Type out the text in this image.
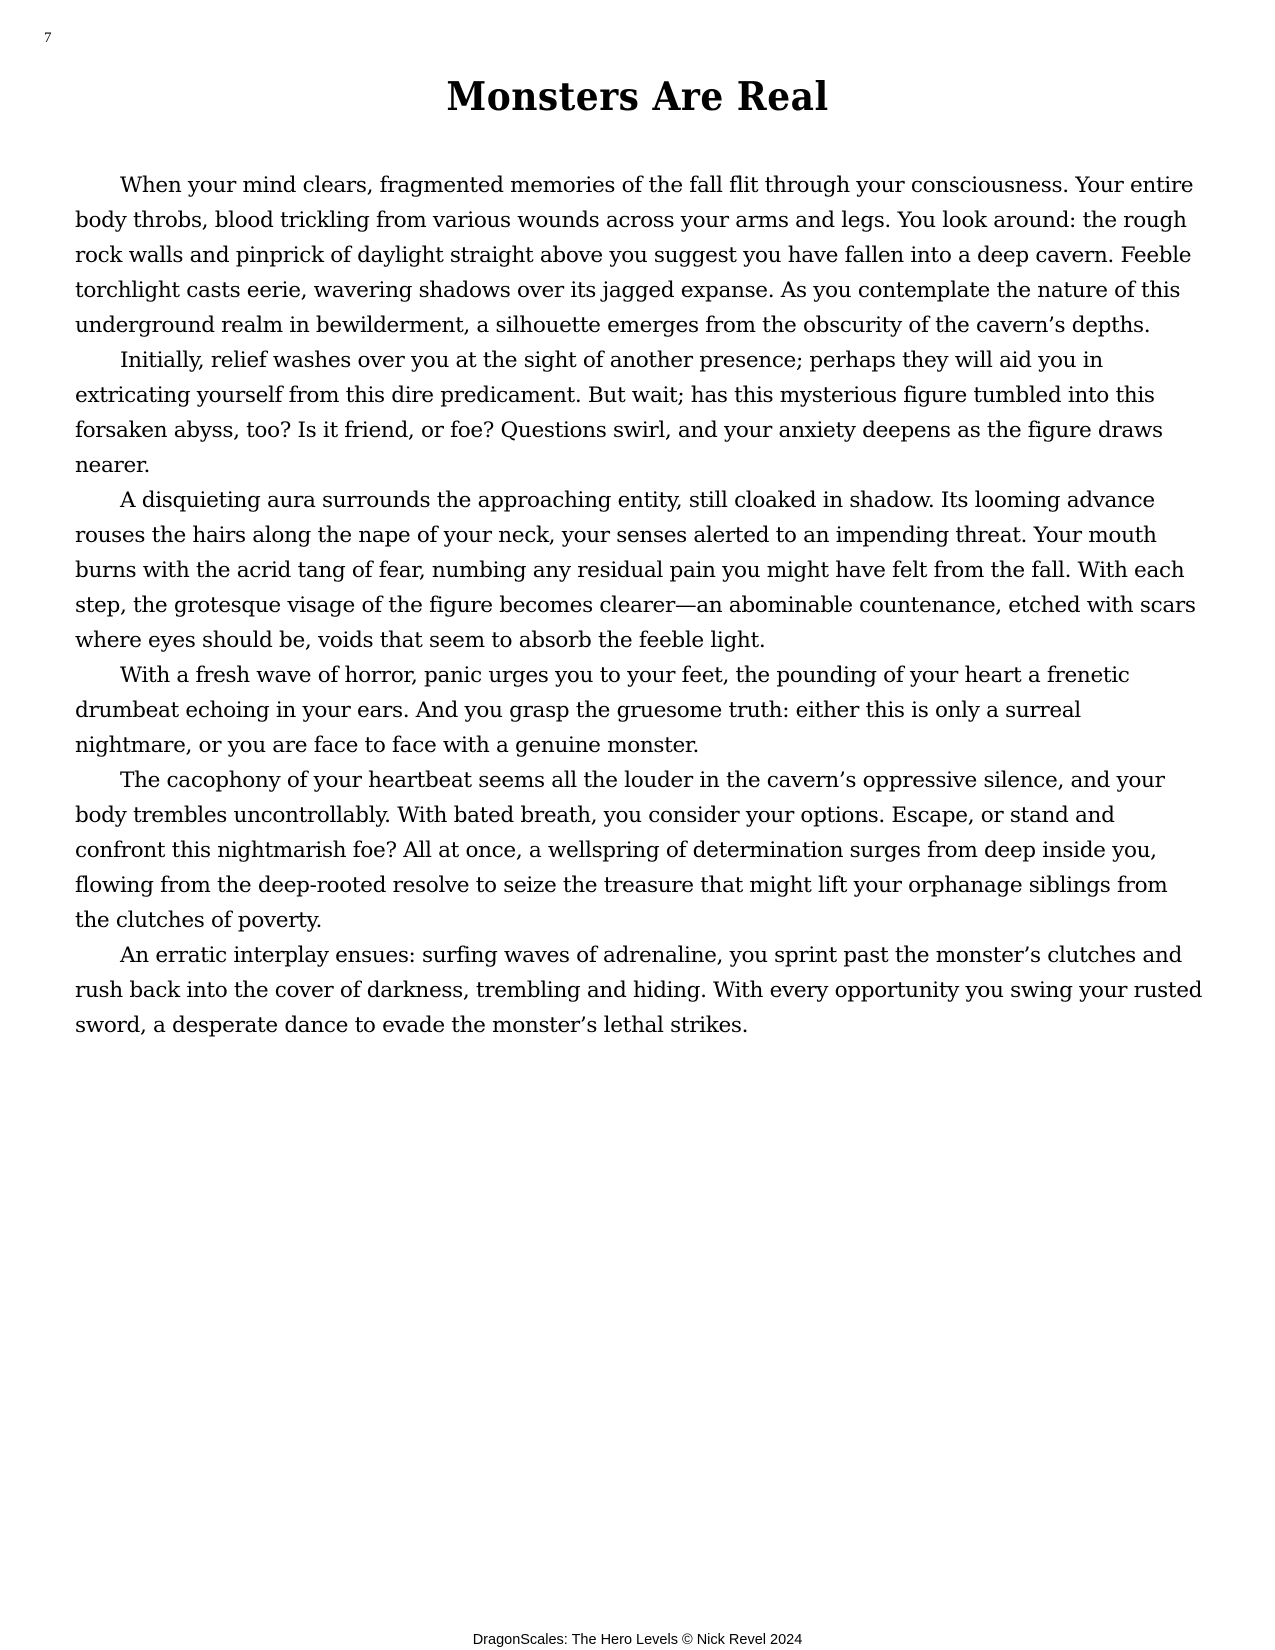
7
Monsters Are Real

When your mind clears, fragmented memories of the fall flit through your consciousness. Your entire body throbs, blood trickling from various wounds across your arms and legs. You look around: the rough rock walls and pinprick of daylight straight above you suggest you have fallen into a deep cavern. Feeble torchlight casts eerie, wavering shadows over its jagged expanse. As you contemplate the nature of this underground realm in bewilderment, a silhouette emerges from the obscurity of the cavern’s depths.

Initially, relief washes over you at the sight of another presence; perhaps they will aid you in extricating yourself from this dire predicament. But wait; has this mysterious figure tumbled into this forsaken abyss, too? Is it friend, or foe? Questions swirl, and your anxiety deepens as the figure draws nearer.

A disquieting aura surrounds the approaching entity, still cloaked in shadow. Its looming advance rouses the hairs along the nape of your neck, your senses alerted to an impending threat. Your mouth burns with the acrid tang of fear, numbing any residual pain you might have felt from the fall. With each step, the grotesque visage of the figure becomes clearer—an abominable countenance, etched with scars where eyes should be, voids that seem to absorb the feeble light.

With a fresh wave of horror, panic urges you to your feet, the pounding of your heart a frenetic drumbeat echoing in your ears. And you grasp the gruesome truth: either this is only a surreal nightmare, or you are face to face with a genuine monster.

The cacophony of your heartbeat seems all the louder in the cavern’s oppressive silence, and your body trembles uncontrollably. With bated breath, you consider your options. Escape, or stand and confront this nightmarish foe? All at once, a wellspring of determination surges from deep inside you, flowing from the deep-rooted resolve to seize the treasure that might lift your orphanage siblings from the clutches of poverty.

An erratic interplay ensues: surfing waves of adrenaline, you sprint past the monster’s clutches and rush back into the cover of darkness, trembling and hiding. With every opportunity you swing your rusted sword, a desperate dance to evade the monster’s lethal strikes.

DragonScales: The Hero Levels © Nick Revel 2024
